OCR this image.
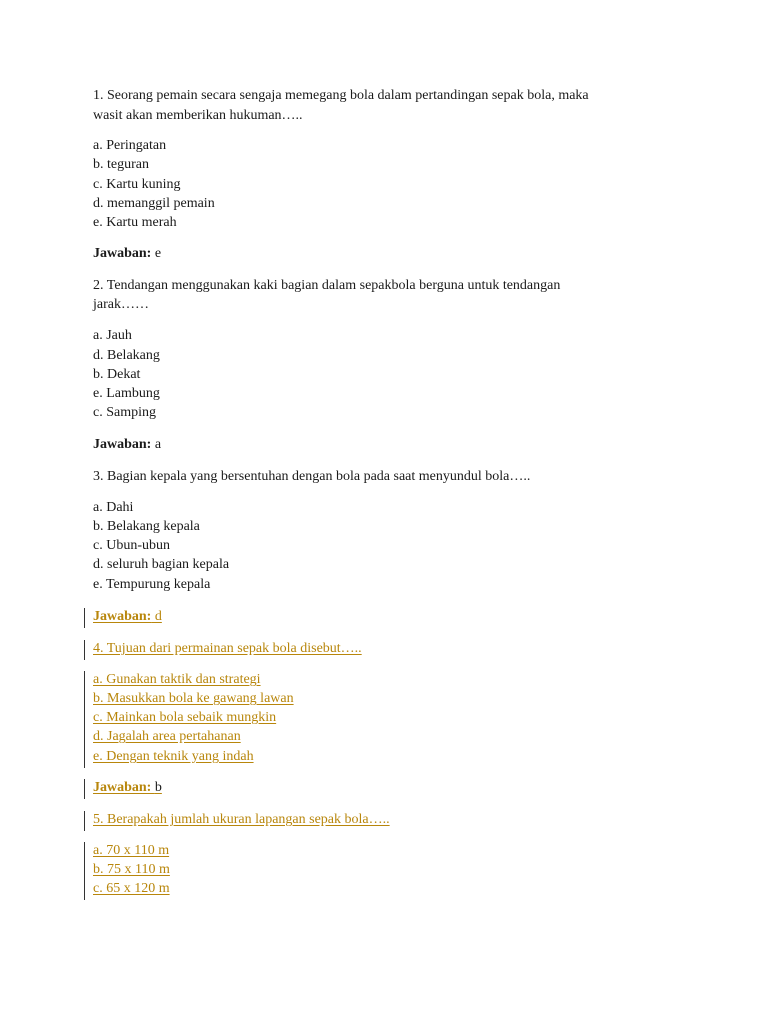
1. Seorang pemain secara sengaja memegang bola dalam pertandingan sepak bola, maka
wasit akan memberikan hukuman…..
a. Peringatan
b. teguran
c. Kartu kuning
d. memanggil pemain
e. Kartu merah
Jawaban: e
2. Tendangan menggunakan kaki bagian dalam sepakbola berguna untuk tendangan
jarak……
a. Jauh
d. Belakang
b. Dekat
e. Lambung
c. Samping
Jawaban: a
3. Bagian kepala yang bersentuhan dengan bola pada saat menyundul bola…..
a. Dahi
b. Belakang kepala
c. Ubun-ubun
d. seluruh bagian kepala
e. Tempurung kepala
Jawaban: d
4. Tujuan dari permainan sepak bola disebut…..
a. Gunakan taktik dan strategi
b. Masukkan bola ke gawang lawan
c. Mainkan bola sebaik mungkin
d. Jagalah area pertahanan
e. Dengan teknik yang indah
Jawaban: b
5. Berapakah jumlah ukuran lapangan sepak bola…..
a. 70 x 110 m
b. 75 x 110 m
c. 65 x 120 m
